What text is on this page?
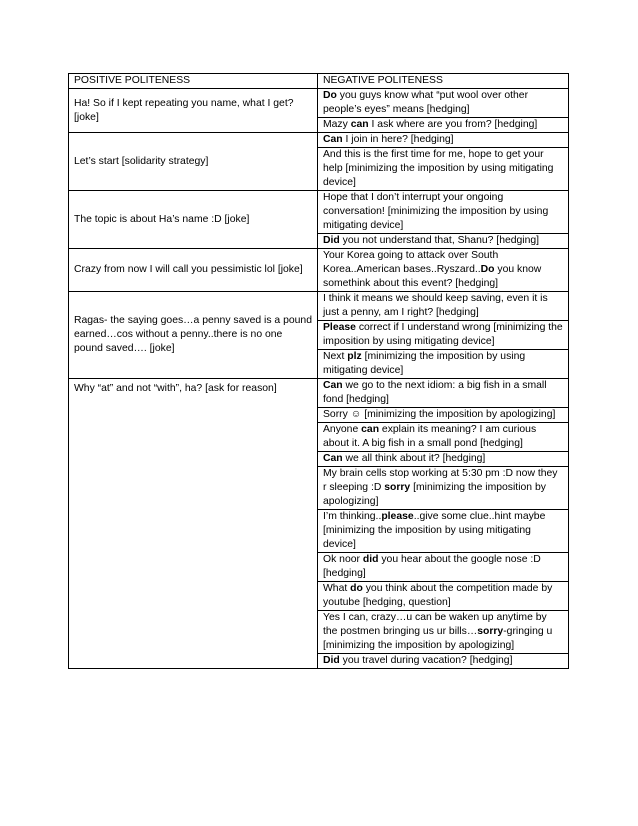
POSITIVE POLITENESS	NEGATIVE POLITENESS
Ha! So if I kept repeating you name, what I get? [joke]	Do you guys know what “put wool over other people’s eyes” means [hedging]
	Mazy can I ask where are you from? [hedging]
Let’s start [solidarity strategy]	Can I join in here? [hedging]
	And this is the first time for me, hope to get your help [minimizing the imposition by using mitigating device]
The topic is about Ha’s name :D [joke]	Hope that I don’t interrupt your ongoing conversation! [minimizing the imposition by using mitigating device]
	Did you not understand that, Shanu? [hedging]
Crazy from now I will call you pessimistic lol [joke]	Your Korea going to attack over South Korea..American bases..Ryszard..Do you know somethink about this event? [hedging]
Ragas- the saying goes…a penny saved is a pound earned…cos without a penny..there is no one pound saved…. [joke]	I think it means we should keep saving, even it is just a penny, am I right? [hedging]
	Please correct if I understand wrong [minimizing the imposition by using mitigating device]
	Next plz [minimizing the imposition by using mitigating device]
Why “at” and not “with”, ha? [ask for reason]	Can we go to the next idiom: a big fish in a small fond [hedging]
	Sorry ☺ [minimizing the imposition by apologizing]
	Anyone can explain its meaning? I am curious about it. A big fish in a small pond [hedging]
	Can we all think about it? [hedging]
	My brain cells stop working at 5:30 pm :D now they r sleeping :D sorry [minimizing the imposition by apologizing]
	I’m thinking..please..give some clue..hint maybe [minimizing the imposition by using mitigating device]
	Ok noor did you hear about the google nose :D [hedging]
	What do you think about the competition made by youtube [hedging, question]
	Yes I can, crazy…u can be waken up anytime by the postmen bringing us ur bills…sorry-gringing u [minimizing the imposition by apologizing]
	Did you travel during vacation? [hedging]
